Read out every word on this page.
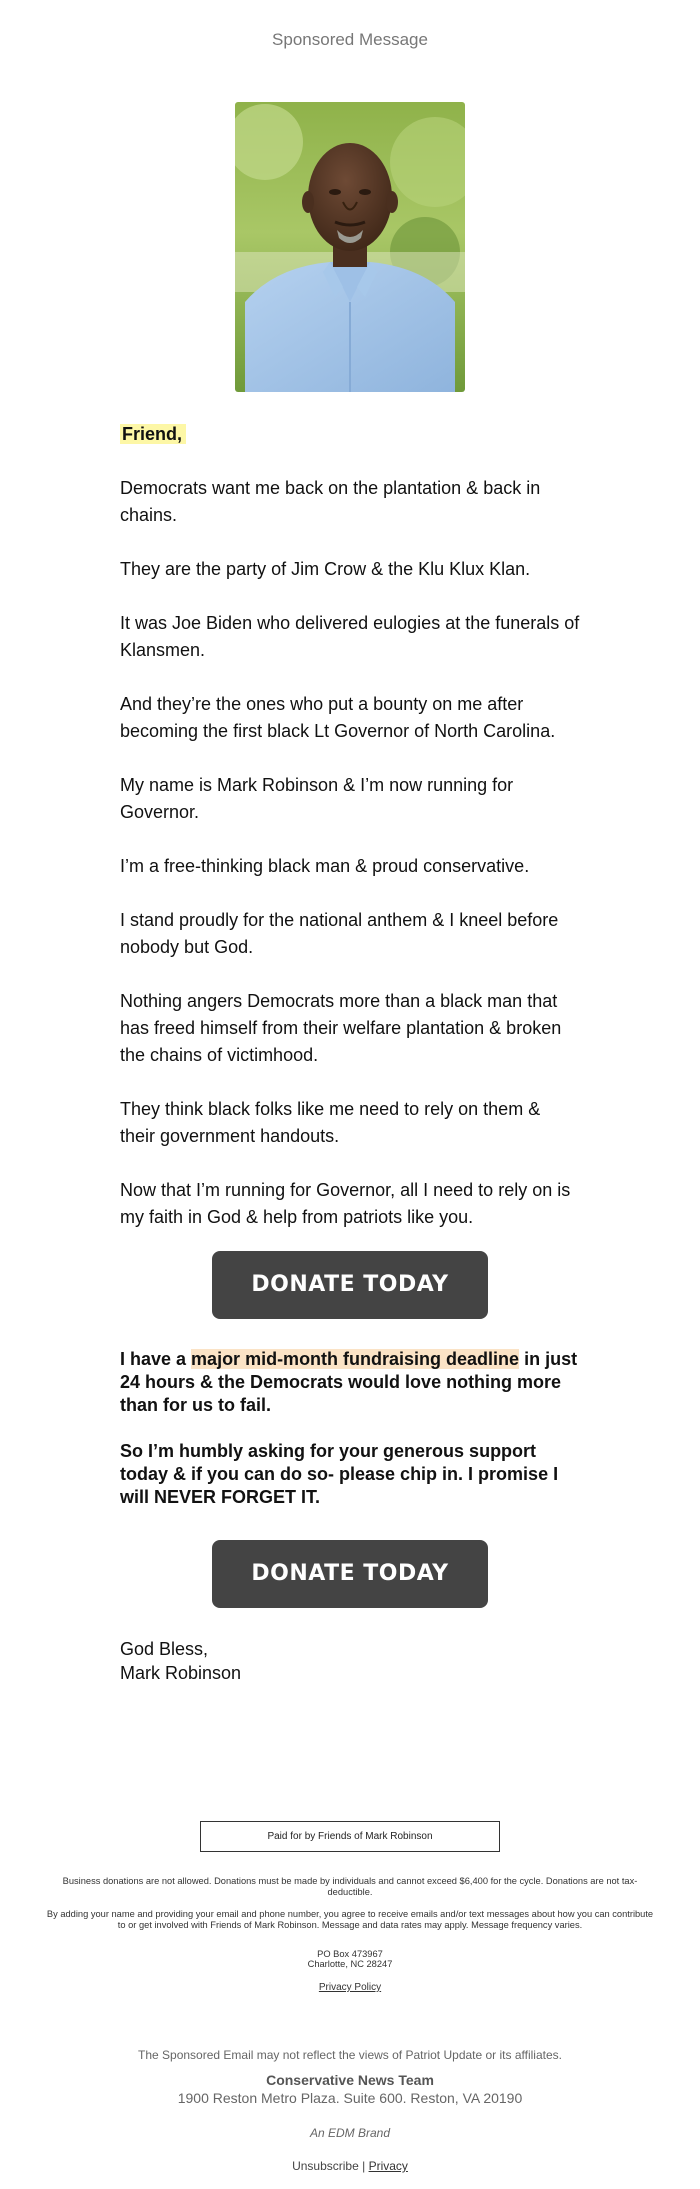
Sponsored Message

Friend,

Democrats want me back on the plantation & back in chains.

They are the party of Jim Crow & the Klu Klux Klan.

It was Joe Biden who delivered eulogies at the funerals of Klansmen.

And they’re the ones who put a bounty on me after becoming the first black Lt Governor of North Carolina.

My name is Mark Robinson & I’m now running for Governor.

I’m a free-thinking black man & proud conservative.

I stand proudly for the national anthem & I kneel before nobody but God.

Nothing angers Democrats more than a black man that has freed himself from their welfare plantation & broken the chains of victimhood.

They think black folks like me need to rely on them & their government handouts.

Now that I’m running for Governor, all I need to rely on is my faith in God & help from patriots like you.

DONATE TODAY

I have a major mid-month fundraising deadline in just 24 hours & the Democrats would love nothing more than for us to fail.

So I’m humbly asking for your generous support today & if you can do so- please chip in. I promise I will NEVER FORGET IT.

DONATE TODAY
God Bless,
Mark Robinson
Paid for by Friends of Mark Robinson
Business donations are not allowed. Donations must be made by individuals and cannot exceed $6,400 for the cycle. Donations are not tax-deductible.
By adding your name and providing your email and phone number, you agree to receive emails and/or text messages about how you can contribute to or get involved with Friends of Mark Robinson. Message and data rates may apply. Message frequency varies.
PO Box 473967
Charlotte, NC 28247
Privacy Policy
The Sponsored Email may not reflect the views of Patriot Update or its affiliates.
Conservative News Team
1900 Reston Metro Plaza. Suite 600. Reston, VA 20190
An EDM Brand
Unsubscribe | Privacy
